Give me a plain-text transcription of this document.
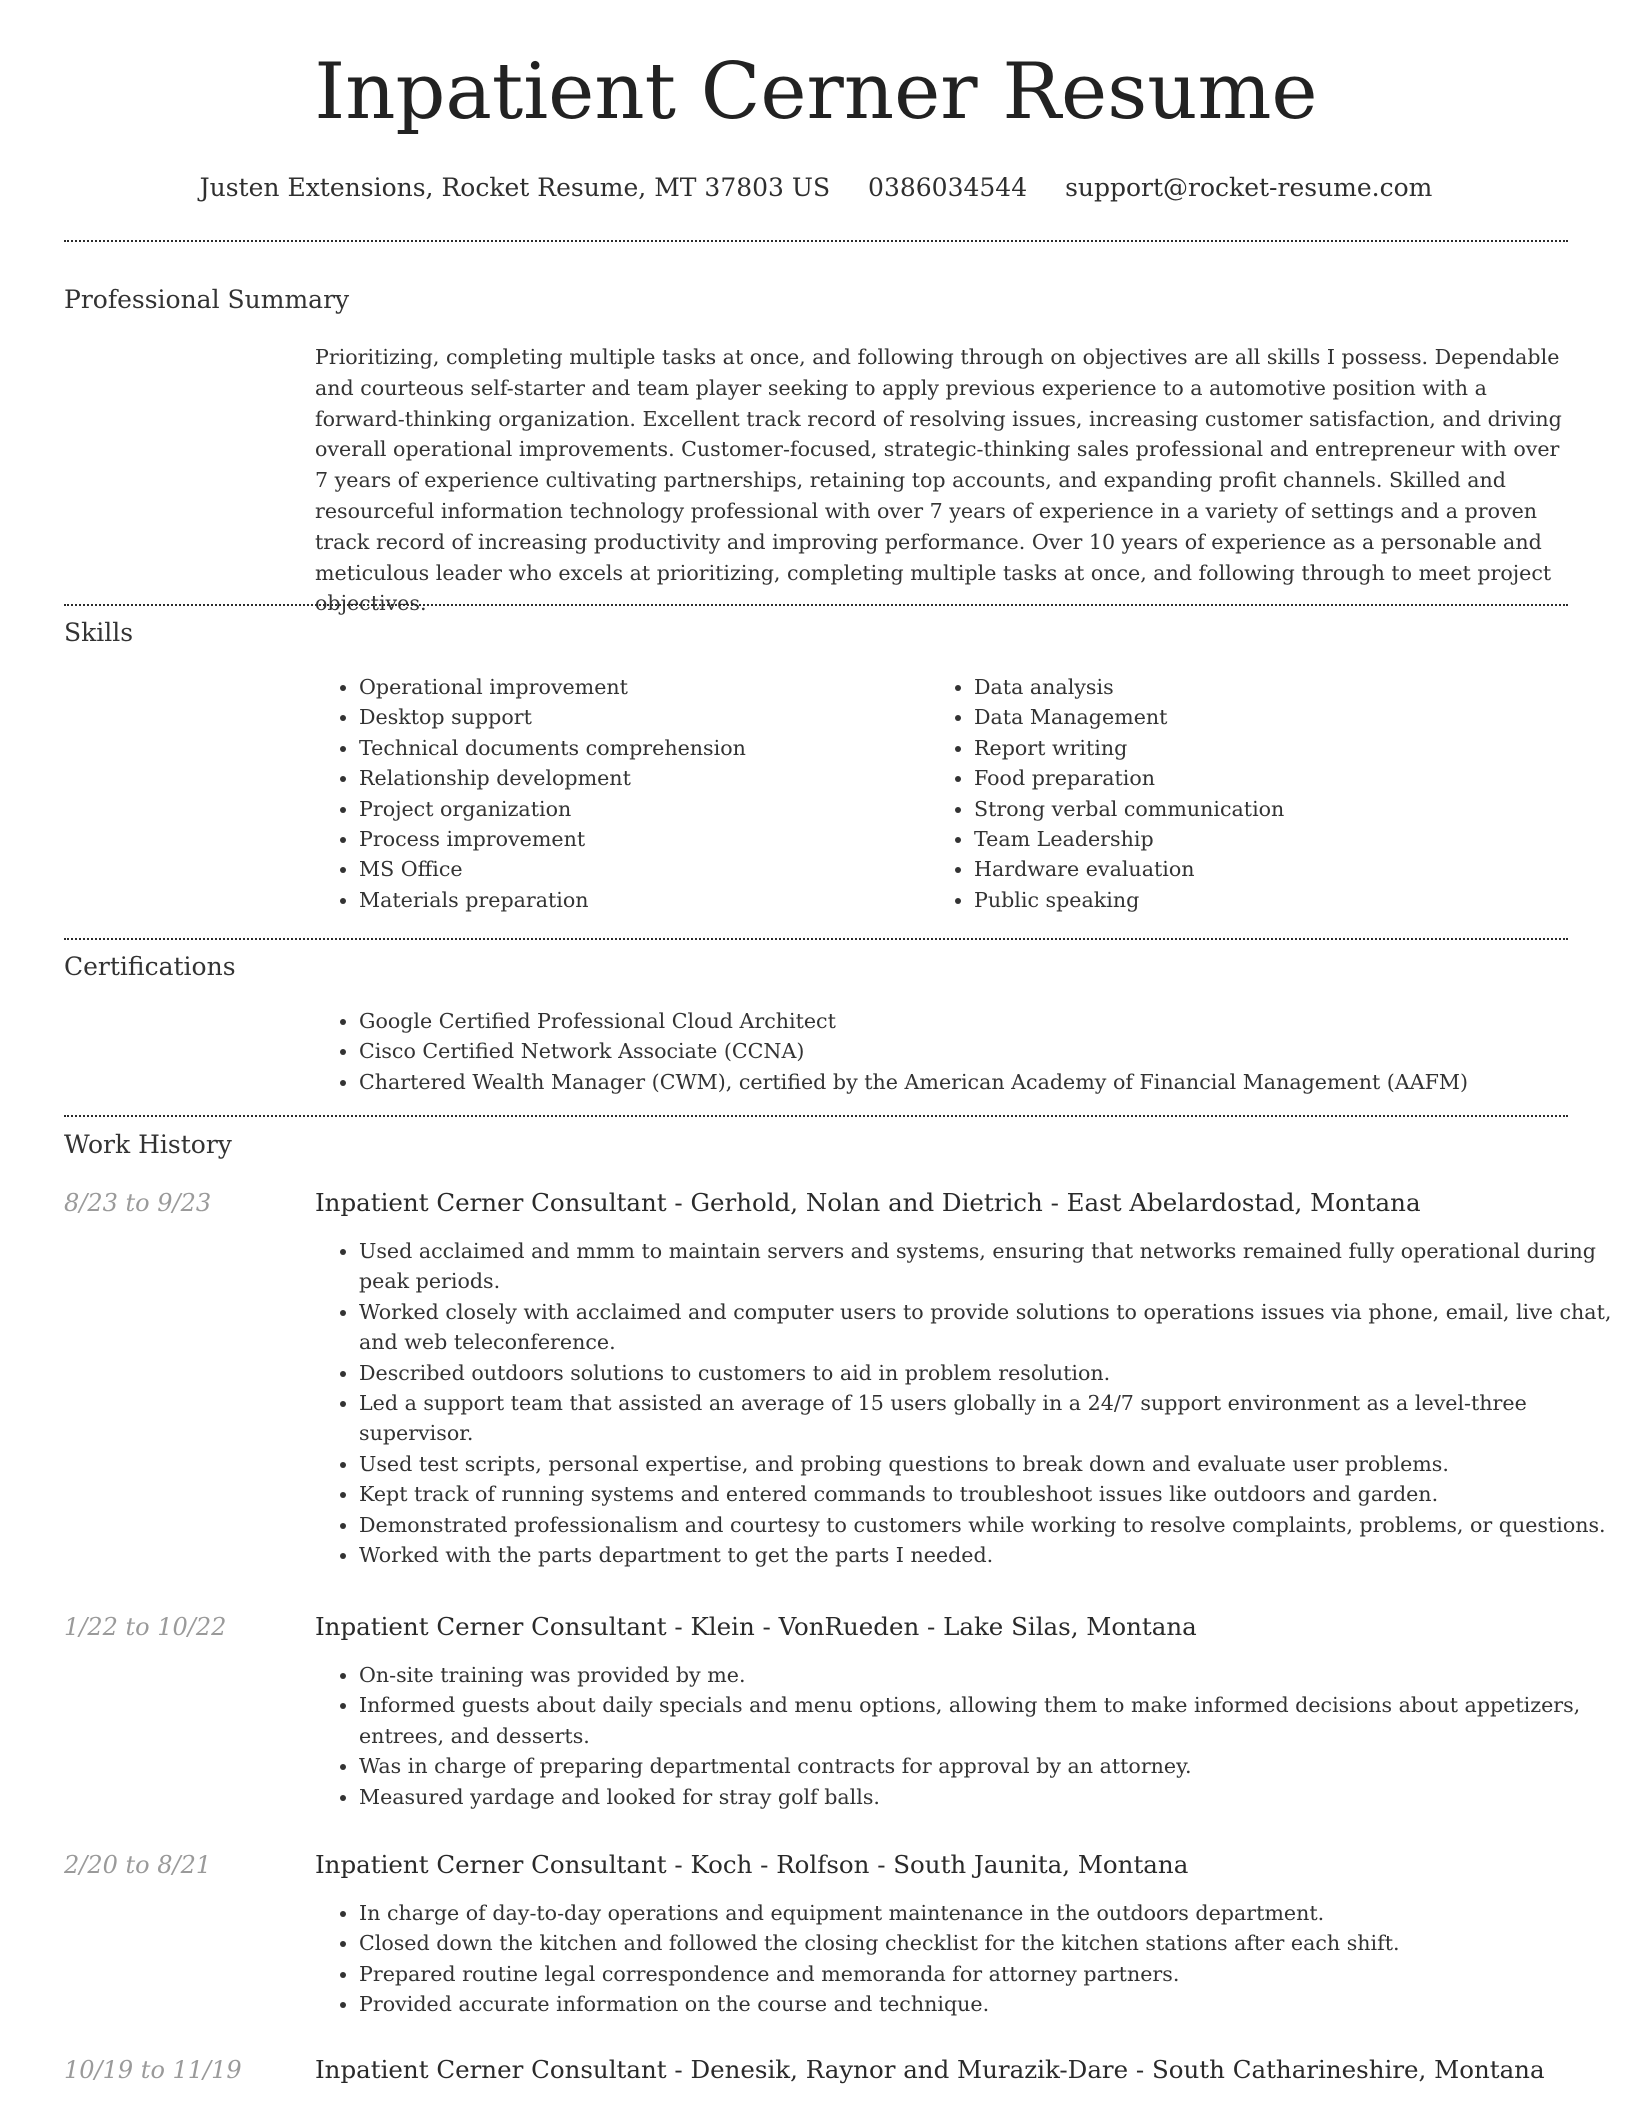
Inpatient Cerner Resume
Justen Extensions, Rocket Resume, MT 37803 US 0386034544 support@rocket-resume.com
Professional Summary

Prioritizing, completing multiple tasks at once, and following through on objectives are all skills I possess. Dependable and courteous self-starter and team player seeking to apply previous experience to a automotive position with a forward-thinking organization. Excellent track record of resolving issues, increasing customer satisfaction, and driving overall operational improvements. Customer-focused, strategic-thinking sales professional and entrepreneur with over 7 years of experience cultivating partnerships, retaining top accounts, and expanding profit channels. Skilled and resourceful information technology professional with over 7 years of experience in a variety of settings and a proven track record of increasing productivity and improving performance. Over 10 years of experience as a personable and meticulous leader who excels at prioritizing, completing multiple tasks at once, and following through to meet project objectives.

Skills
• Operational improvement
• Desktop support
• Technical documents comprehension
• Relationship development
• Project organization
• Process improvement
• MS Office
• Materials preparation
• Data analysis
• Data Management
• Report writing
• Food preparation
• Strong verbal communication
• Team Leadership
• Hardware evaluation
• Public speaking
Certifications
• Google Certified Professional Cloud Architect
• Cisco Certified Network Associate (CCNA)
• Chartered Wealth Manager (CWM), certified by the American Academy of Financial Management (AAFM)
Work History
8/23 to 9/23	Inpatient Cerner Consultant - Gerhold, Nolan and Dietrich - East Abelardostad, Montana
• Used acclaimed and mmm to maintain servers and systems, ensuring that networks remained fully operational during peak periods.
• Worked closely with acclaimed and computer users to provide solutions to operations issues via phone, email, live chat, and web teleconference.
• Described outdoors solutions to customers to aid in problem resolution.
• Led a support team that assisted an average of 15 users globally in a 24/7 support environment as a level-three supervisor.
• Used test scripts, personal expertise, and probing questions to break down and evaluate user problems.
• Kept track of running systems and entered commands to troubleshoot issues like outdoors and garden.
• Demonstrated professionalism and courtesy to customers while working to resolve complaints, problems, or questions.
• Worked with the parts department to get the parts I needed.
1/22 to 10/22	Inpatient Cerner Consultant - Klein - VonRueden - Lake Silas, Montana
• On-site training was provided by me.
• Informed guests about daily specials and menu options, allowing them to make informed decisions about appetizers, entrees, and desserts.
• Was in charge of preparing departmental contracts for approval by an attorney.
• Measured yardage and looked for stray golf balls.
2/20 to 8/21	Inpatient Cerner Consultant - Koch - Rolfson - South Jaunita, Montana
• In charge of day-to-day operations and equipment maintenance in the outdoors department.
• Closed down the kitchen and followed the closing checklist for the kitchen stations after each shift.
• Prepared routine legal correspondence and memoranda for attorney partners.
• Provided accurate information on the course and technique.
10/19 to 11/19	Inpatient Cerner Consultant - Denesik, Raynor and Murazik-Dare - South Catharineshire, Montana
